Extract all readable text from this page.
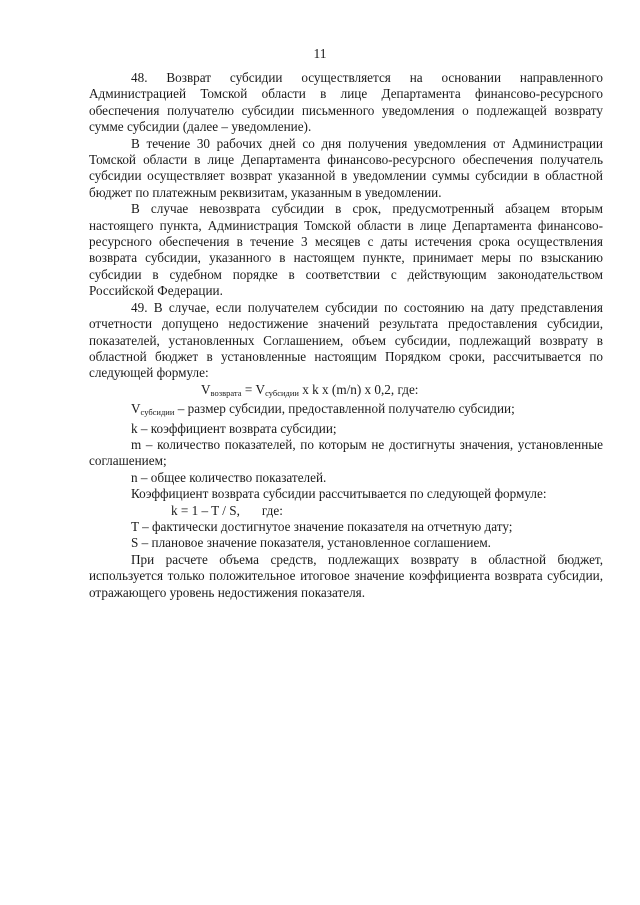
11

48. Возврат субсидии осуществляется на основании направленного Администрацией Томской области в лице Департамента финансово-ресурсного обеспечения получателю субсидии письменного уведомления о подлежащей возврату сумме субсидии (далее – уведомление).

В течение 30 рабочих дней со дня получения уведомления от Администрации Томской области в лице Департамента финансово-ресурсного обеспечения получатель субсидии осуществляет возврат указанной в уведомлении суммы субсидии в областной бюджет по платежным реквизитам, указанным в уведомлении.

В случае невозврата субсидии в срок, предусмотренный абзацем вторым настоящего пункта, Администрация Томской области в лице Департамента финансово-ресурсного обеспечения в течение 3 месяцев с даты истечения срока осуществления возврата субсидии, указанного в настоящем пункте, принимает меры по взысканию субсидии в судебном порядке в соответствии с действующим законодательством Российской Федерации.

49. В случае, если получателем субсидии по состоянию на дату представления отчетности допущено недостижение значений результата предоставления субсидии, показателей, установленных Соглашением, объем субсидии, подлежащий возврату в областной бюджет в установленные настоящим Порядком сроки, рассчитывается по следующей формуле:

$V_{возврата} = V_{субсидии}$ x k x (m/n) x 0,2, где:

$V_{субсидии}$ – размер субсидии, предоставленной получателю субсидии;

k – коэффициент возврата субсидии;

m – количество показателей, по которым не достигнуты значения, установленные соглашением;

n – общее количество показателей.

Коэффициент возврата субсидии рассчитывается по следующей формуле:

k = 1 – T / S, где:

T – фактически достигнутое значение показателя на отчетную дату;

S – плановое значение показателя, установленное соглашением.

При расчете объема средств, подлежащих возврату в областной бюджет, используется только положительное итоговое значение коэффициента возврата субсидии, отражающего уровень недостижения показателя.
